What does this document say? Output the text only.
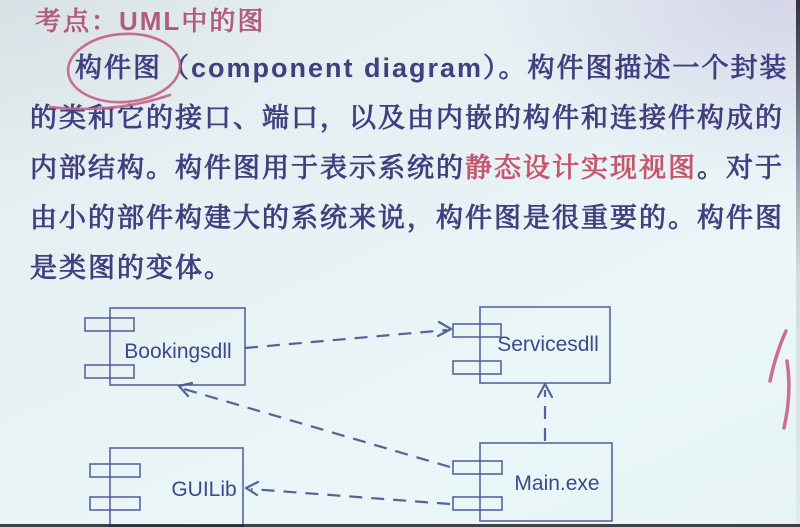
考点：UML中的图
构件图（component diagram）。构件图描述一个封装
的类和它的接口、端口，以及由内嵌的构件和连接件构成的
内部结构。构件图用于表示系统的静态设计实现视图。对于
由小的部件构建大的系统来说，构件图是很重要的。构件图
是类图的变体。
Bookingsdll	Servicesdll
GUILib	Main.exe
